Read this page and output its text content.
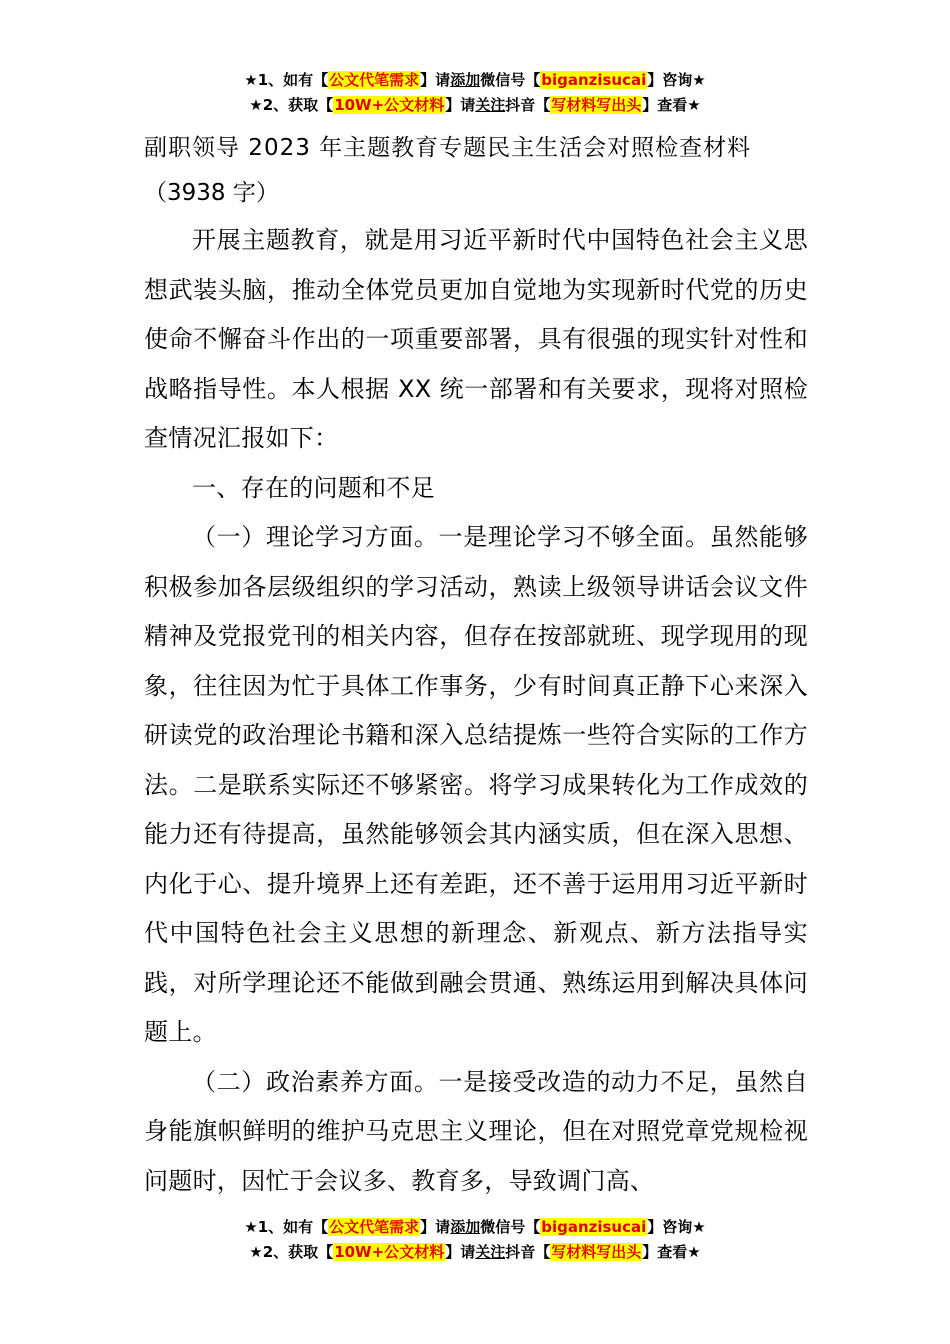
★1、如有【公文代笔需求】请添加微信号【biganzisucai】咨询★
★2、获取【10W+公文材料】请关注抖音【写材料写出头】查看★

副职领导 2023 年主题教育专题民主生活会对照检查材料

（3938 字）

开展主题教育，就是用习近平新时代中国特色社会主义思想武装头脑，推动全体党员更加自觉地为实现新时代党的历史使命不懈奋斗作出的一项重要部署，具有很强的现实针对性和战略指导性。本人根据 XX 统一部署和有关要求，现将对照检查情况汇报如下：

一、存在的问题和不足

（一）理论学习方面。一是理论学习不够全面。虽然能够积极参加各层级组织的学习活动，熟读上级领导讲话会议文件精神及党报党刊的相关内容，但存在按部就班、现学现用的现象，往往因为忙于具体工作事务，少有时间真正静下心来深入研读党的政治理论书籍和深入总结提炼一些符合实际的工作方法。二是联系实际还不够紧密。将学习成果转化为工作成效的能力还有待提高，虽然能够领会其内涵实质，但在深入思想、内化于心、提升境界上还有差距，还不善于运用用习近平新时代中国特色社会主义思想的新理念、新观点、新方法指导实践，对所学理论还不能做到融会贯通、熟练运用到解决具体问题上。

（二）政治素养方面。一是接受改造的动力不足，虽然自身能旗帜鲜明的维护马克思主义理论，但在对照党章党规检视问题时，因忙于会议多、教育多，导致调门高、

★1、如有【公文代笔需求】请添加微信号【biganzisucai】咨询★
★2、获取【10W+公文材料】请关注抖音【写材料写出头】查看★
